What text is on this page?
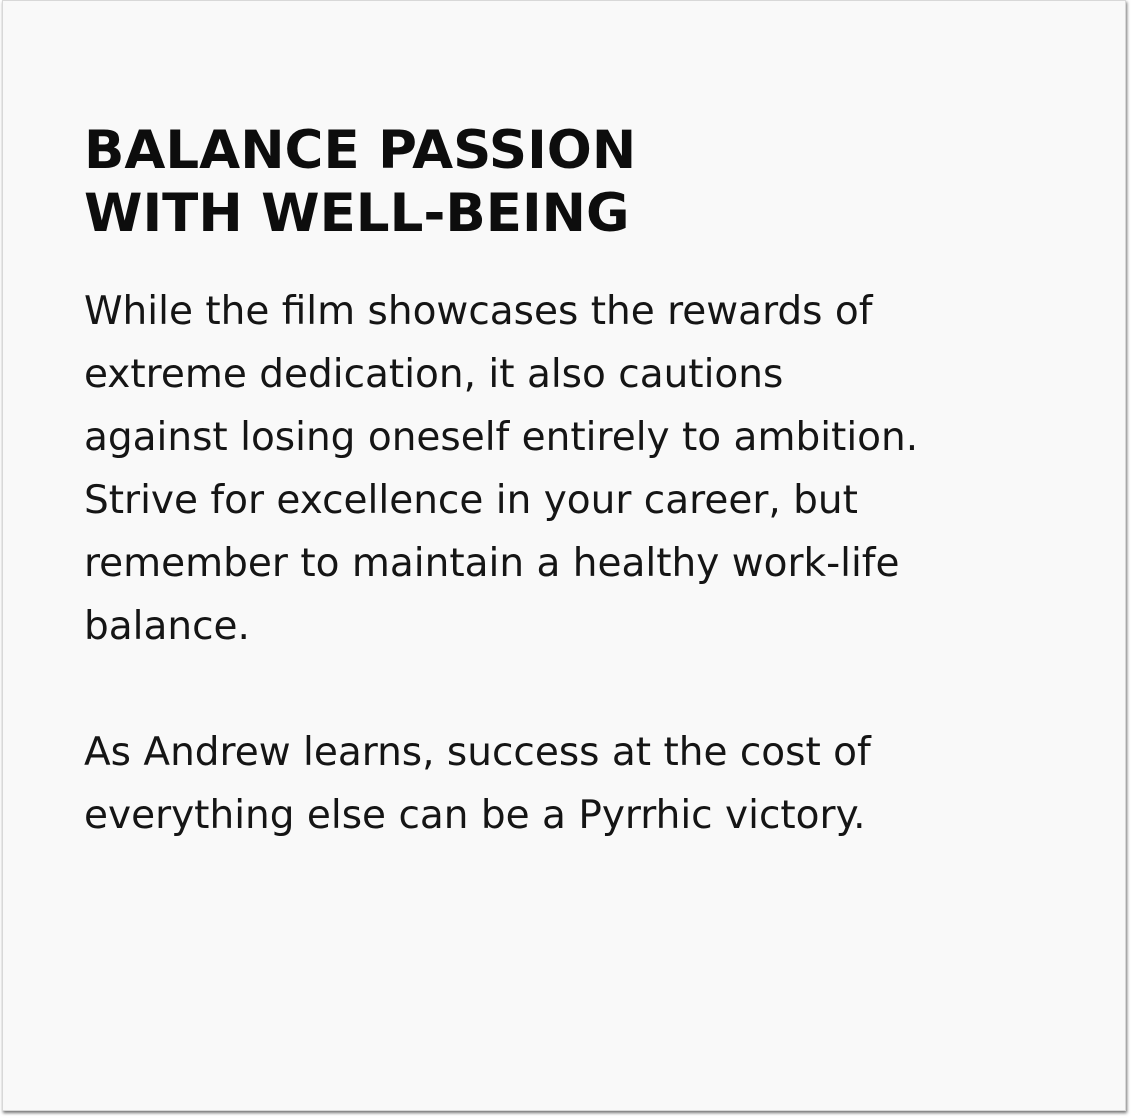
BALANCE PASSION
WITH WELL-BEING

While the film showcases the rewards of
extreme dedication, it also cautions
against losing oneself entirely to ambition.
Strive for excellence in your career, but
remember to maintain a healthy work-life
balance.

As Andrew learns, success at the cost of
everything else can be a Pyrrhic victory.
